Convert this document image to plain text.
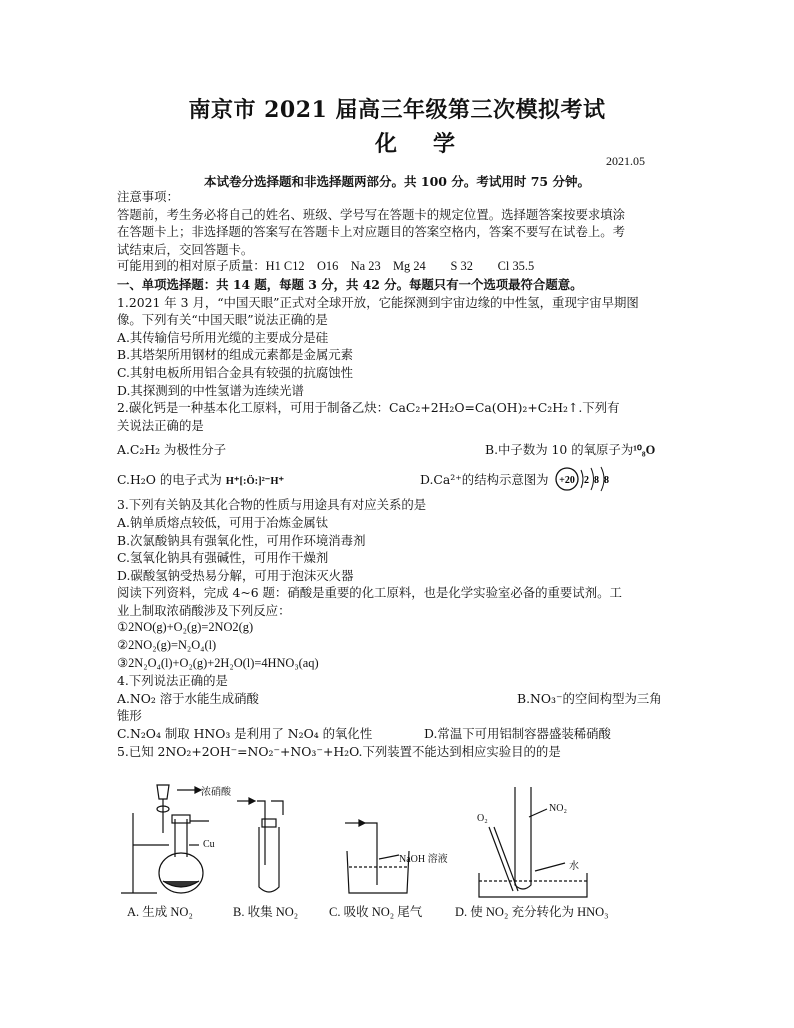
南京市 2021 届高三年级第三次模拟考试
化学
2021.05
本试卷分选择题和非选择题两部分。共 100 分。考试用时 75 分钟。
注意事项：
答题前，考生务必将自己的姓名、班级、学号写在答题卡的规定位置。选择题答案按要求填涂
在答题卡上；非选择题的答案写在答题卡上对应题目的答案空格内，答案不要写在试卷上。考
试结束后，交回答题卡。
可能用到的相对原子质量：H1 C12　O16　Na 23　Mg 24　　S 32　　Cl 35.5
一、单项选择题：共 14 题，每题 3 分，共 42 分。每题只有一个选项最符合题意。
1.2021 年 3 月，“中国天眼”正式对全球开放，它能探测到宇宙边缘的中性氢，重现宇宙早期图
像。下列有关“中国天眼”说法正确的是
A.其传输信号所用光缆的主要成分是硅
B.其塔架所用钢材的组成元素都是金属元素
C.其射电板所用铝合金具有较强的抗腐蚀性
D.其探测到的中性氢谱为连续光谱
2.碳化钙是一种基本化工原料，可用于制备乙炔：CaC₂+2H₂O=Ca(OH)₂+C₂H₂↑.下列有
关说法正确的是
A.C₂H₂ 为极性分子	B.中子数为 10 的氧原子为¹⁰₈O
C.H₂O 的电子式为 H⁺[:Ö:]²⁻H⁺	D.Ca²⁺的结构示意图为 +20 2 8 8
3.下列有关钠及其化合物的性质与用途具有对应关系的是
A.钠单质熔点较低，可用于冶炼金属钛
B.次氯酸钠具有强氧化性，可用作环境消毒剂
C.氢氧化钠具有强碱性，可用作干燥剂
D.碳酸氢钠受热易分解，可用于泡沫灭火器
阅读下列资料，完成 4~6 题：硝酸是重要的化工原料，也是化学实验室必备的重要试剂。工
业上制取浓硝酸涉及下列反应：
①2NO(g)+O₂(g)=2NO2(g)
②2NO₂(g)=N₂O₄(l)
③2N₂O₄(l)+O₂(g)+2H₂O(l)=4HNO₃(aq)
4.下列说法正确的是
A.NO₂ 溶于水能生成硝酸	B.NO₃⁻的空间构型为三角
锥形
C.N₂O₄ 制取 HNO₃ 是利用了 N₂O₄ 的氧化性	D.常温下可用铝制容器盛装稀硝酸
5.已知 2NO₂+2OH⁻=NO₂⁻+NO₃⁻+H₂O.下列装置不能达到相应实验目的的是
浓硝酸
Cu
NaOH 溶液
O₂
NO₂
水
A. 生成 NO₂	B. 收集 NO₂ C. 吸收 NO₂ 尾气	D. 使 NO₂ 充分转化为 HNO₃
